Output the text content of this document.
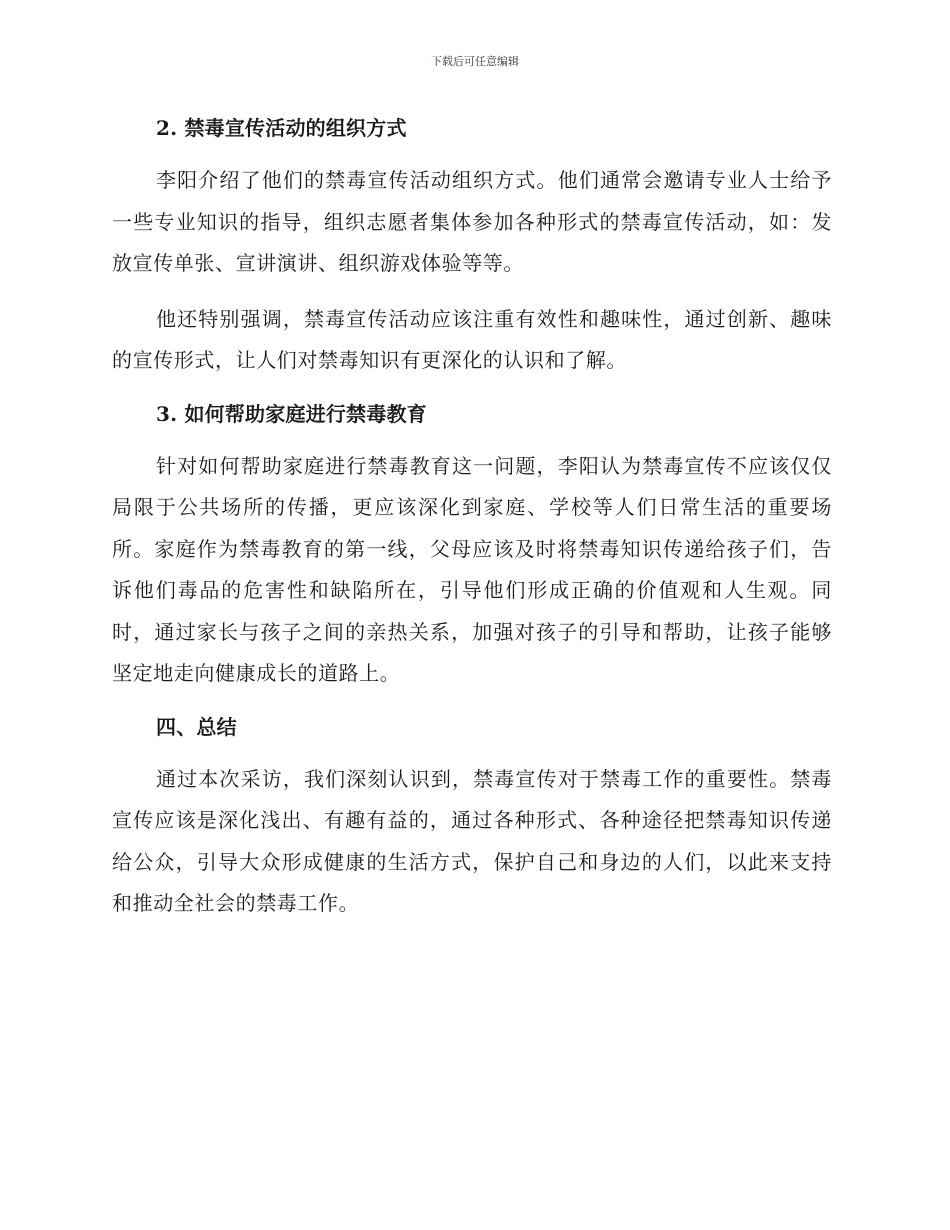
下载后可任意编辑
2. 禁毒宣传活动的组织方式

李阳介绍了他们的禁毒宣传活动组织方式。他们通常会邀请专业人士给予一些专业知识的指导，组织志愿者集体参加各种形式的禁毒宣传活动，如：发放宣传单张、宣讲演讲、组织游戏体验等等。

他还特别强调，禁毒宣传活动应该注重有效性和趣味性，通过创新、趣味的宣传形式，让人们对禁毒知识有更深化的认识和了解。

3. 如何帮助家庭进行禁毒教育

针对如何帮助家庭进行禁毒教育这一问题，李阳认为禁毒宣传不应该仅仅局限于公共场所的传播，更应该深化到家庭、学校等人们日常生活的重要场所。家庭作为禁毒教育的第一线，父母应该及时将禁毒知识传递给孩子们，告诉他们毒品的危害性和缺陷所在，引导他们形成正确的价值观和人生观。同时，通过家长与孩子之间的亲热关系，加强对孩子的引导和帮助，让孩子能够坚定地走向健康成长的道路上。

四、总结

通过本次采访，我们深刻认识到，禁毒宣传对于禁毒工作的重要性。禁毒宣传应该是深化浅出、有趣有益的，通过各种形式、各种途径把禁毒知识传递给公众，引导大众形成健康的生活方式，保护自己和身边的人们，以此来支持和推动全社会的禁毒工作。
